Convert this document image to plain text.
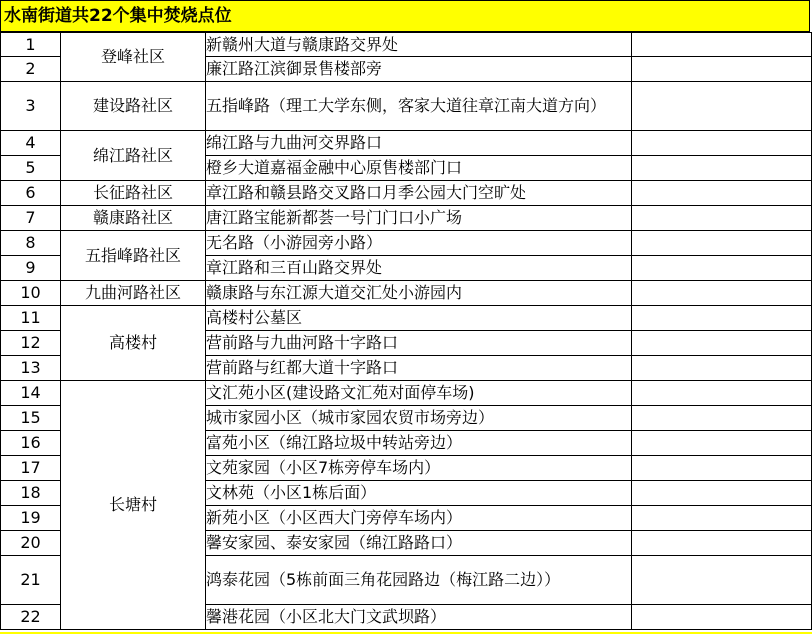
水南街道共22个集中焚烧点位
1	登峰社区	新赣州大道与赣康路交界处	
2		廉江路江滨御景售楼部旁	
3	建设路社区	五指峰路（理工大学东侧，客家大道往章江南大道方向）	
4	绵江路社区	绵江路与九曲河交界路口	
5		橙乡大道嘉福金融中心原售楼部门口	
6	长征路社区	章江路和赣县路交叉路口月季公园大门空旷处	
7	赣康路社区	唐江路宝能新都荟一号门门口小广场	
8	五指峰路社区	无名路（小游园旁小路）	
9		章江路和三百山路交界处	
10	九曲河路社区	赣康路与东江源大道交汇处小游园内	
11	高楼村	高楼村公墓区	
12		营前路与九曲河路十字路口	
13		营前路与红都大道十字路口	
14	长塘村	文汇苑小区(建设路文汇苑对面停车场)	
15		城市家园小区（城市家园农贸市场旁边）	
16		富苑小区（绵江路垃圾中转站旁边）	
17		文苑家园（小区7栋旁停车场内）	
18		文林苑（小区1栋后面）	
19		新苑小区（小区西大门旁停车场内）	
20		馨安家园、泰安家园（绵江路路口）	
21		鸿泰花园（5栋前面三角花园路边（梅江路二边））	
22		馨港花园（小区北大门文武坝路）	
